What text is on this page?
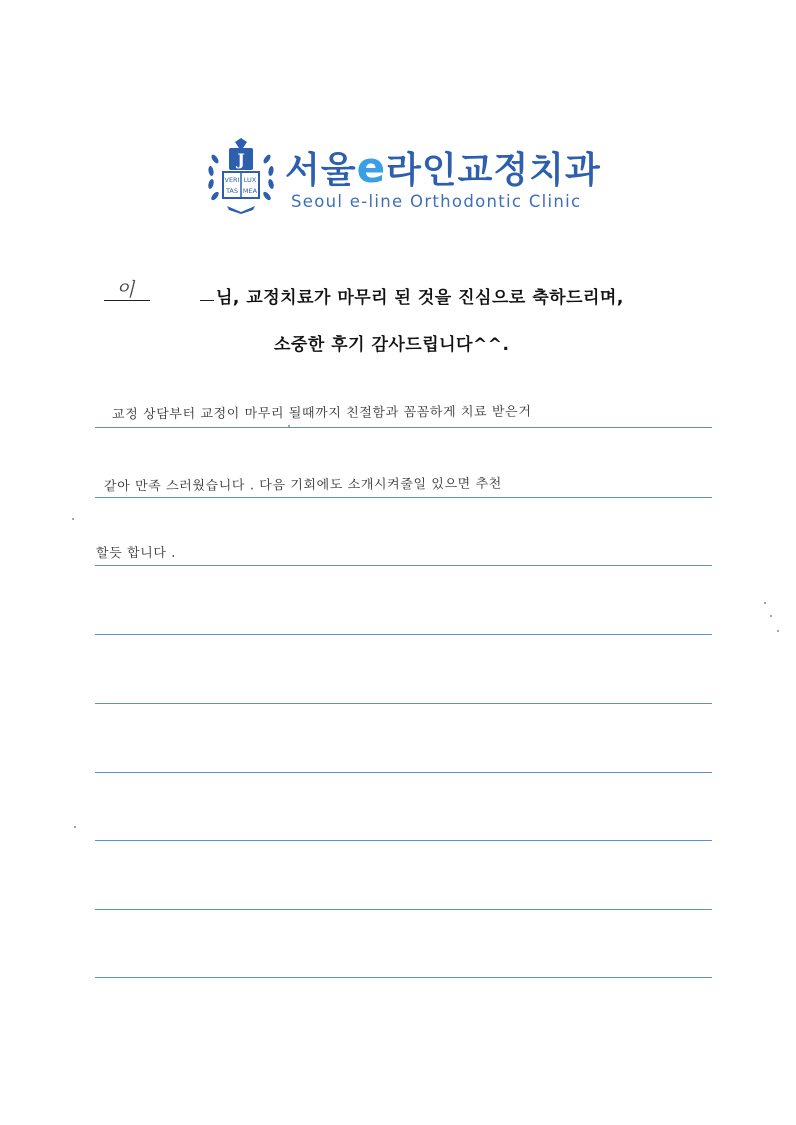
J
VERI LUX
TAS MEA 서울e라인교정치과
Seoul e-line Orthodontic Clinic
이	님, 교정치료가 마무리 된 것을 진심으로 축하드리며,
소중한 후기 감사드립니다^^.
교정 상담부터 교정이 마무리 될때까지 친절함과 꼼꼼하게 치료 받은거
같아 만족 스러웠습니다 . 다음 기회에도 소개시켜줄일 있으면 추천
할듯 합니다 .
